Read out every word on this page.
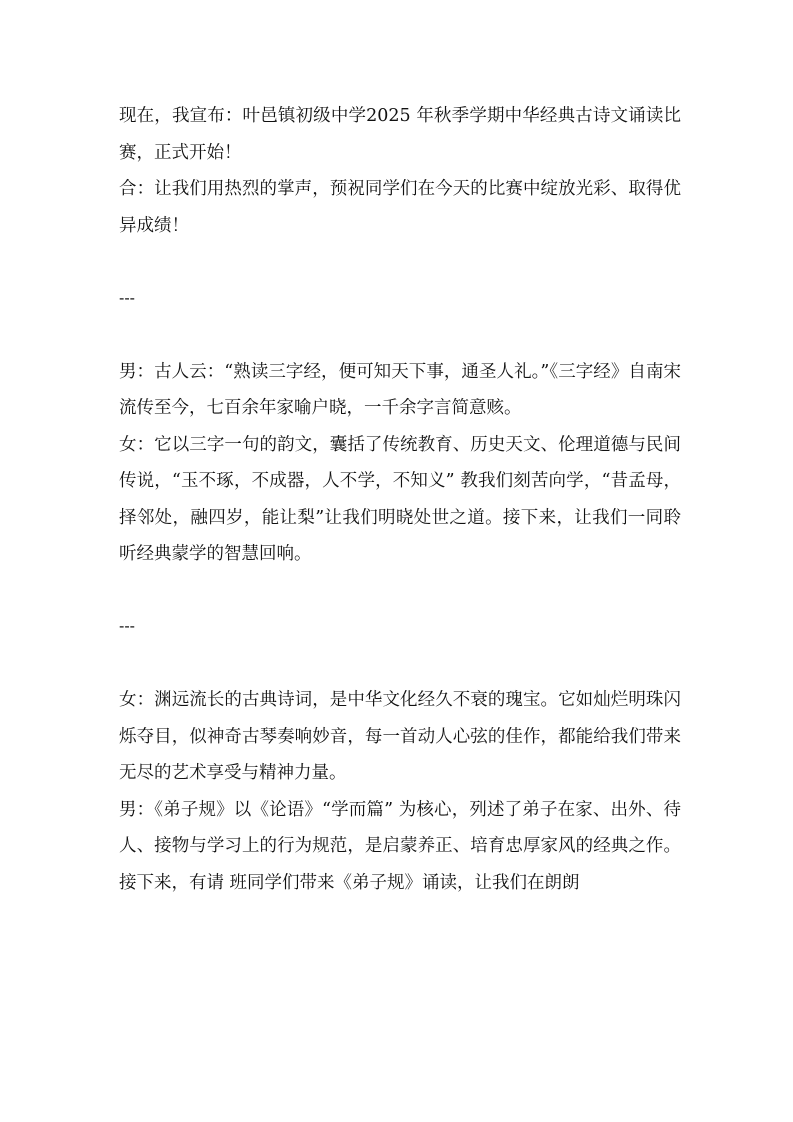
现在，我宣布：叶邑镇初级中学2025 年秋季学期中华经典古诗文诵读比赛，正式开始！

合：让我们用热烈的掌声，预祝同学们在今天的比赛中绽放光彩、取得优异成绩！

---

男：古人云：“熟读三字经，便可知天下事，通圣人礼。”《三字经》自南宋流传至今，七百余年家喻户晓，一千余字言简意赅。

女：它以三字一句的韵文，囊括了传统教育、历史天文、伦理道德与民间传说，“玉不琢，不成器，人不学，不知义” 教我们刻苦向学，“昔孟母，择邻处，融四岁，能让梨”让我们明晓处世之道。接下来，让我们一同聆听经典蒙学的智慧回响。

---

女：渊远流长的古典诗词，是中华文化经久不衰的瑰宝。它如灿烂明珠闪烁夺目，似神奇古琴奏响妙音，每一首动人心弦的佳作，都能给我们带来无尽的艺术享受与精神力量。

男：《弟子规》以《论语》“学而篇” 为核心，列述了弟子在家、出外、待人、接物与学习上的行为规范，是启蒙养正、培育忠厚家风的经典之作。接下来，有请 班同学们带来《弟子规》诵读，让我们在朗朗
